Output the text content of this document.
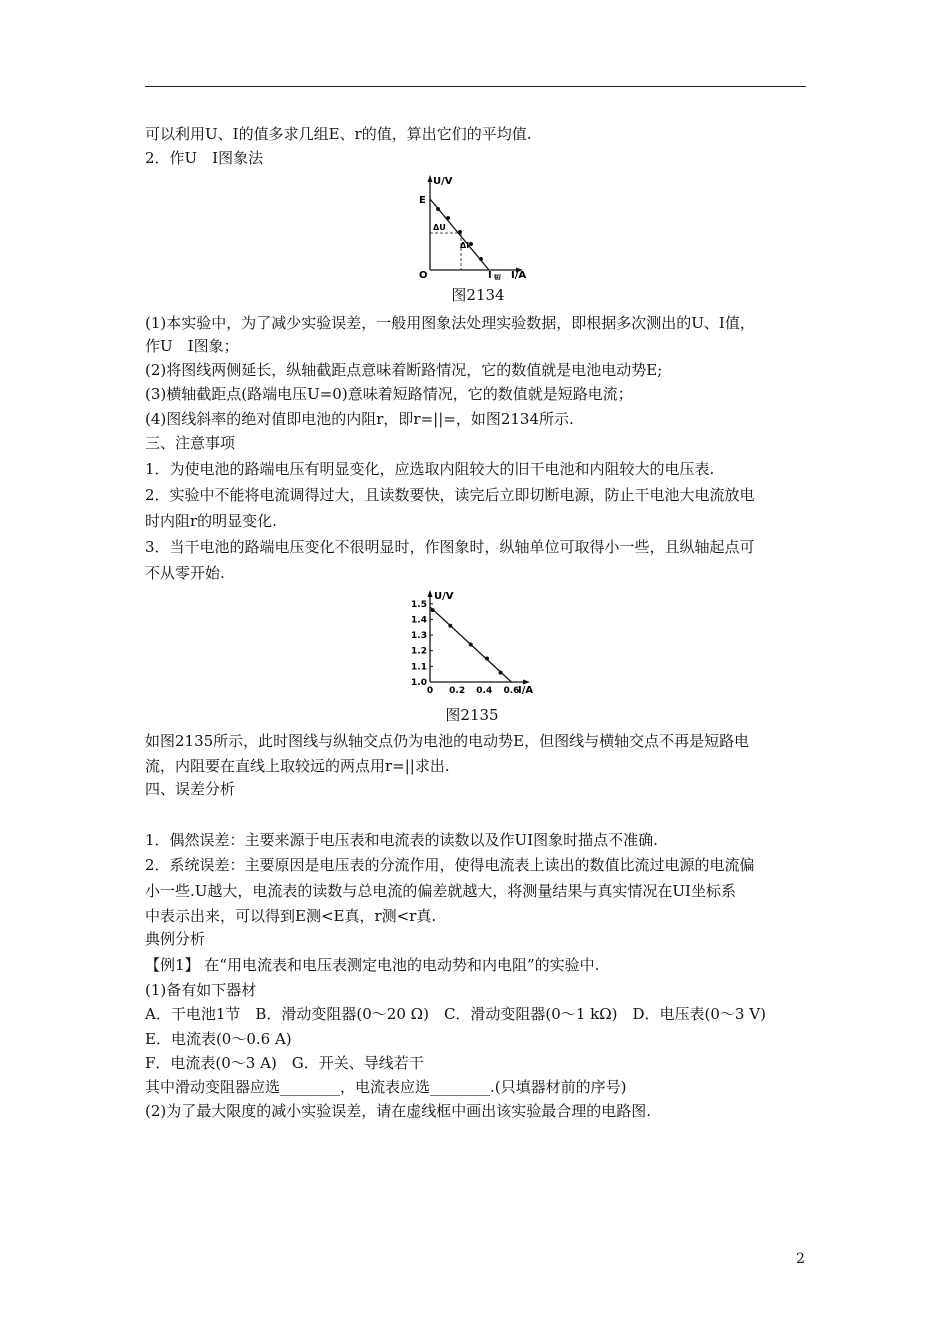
可以利用U、I的值多求几组E、r的值，算出它们的平均值.
2．作U　I图象法
U/V
E
ΔU
ΔI
O	I 短 I/A
图2134
(1)本实验中，为了减少实验误差，一般用图象法处理实验数据，即根据多次测出的U、I值，
作U　I图象；
(2)将图线两侧延长，纵轴截距点意味着断路情况，它的数值就是电池电动势E;
(3)横轴截距点(路端电压U=0)意味着短路情况，它的数值就是短路电流；
(4)图线斜率的绝对值即电池的内阻r，即r=||=，如图2134所示.
三、注意事项
1．为使电池的路端电压有明显变化，应选取内阻较大的旧干电池和内阻较大的电压表.
2．实验中不能将电流调得过大，且读数要快，读完后立即切断电源，防止干电池大电流放电
时内阻r的明显变化.
3．当干电池的路端电压变化不很明显时，作图象时，纵轴单位可取得小一些，且纵轴起点可
不从零开始.
U/V
I/A
1.0
1.1
1.2
1.3
1.4
1.5
0 0.2 0.4 0.6
图2135
如图2135所示，此时图线与纵轴交点仍为电池的电动势E，但图线与横轴交点不再是短路电
流，内阻要在直线上取较远的两点用r=||求出.
四、误差分析
1．偶然误差：主要来源于电压表和电流表的读数以及作UI图象时描点不准确.
2．系统误差：主要原因是电压表的分流作用，使得电流表上读出的数值比流过电源的电流偏
小一些.U越大，电流表的读数与总电流的偏差就越大，将测量结果与真实情况在UI坐标系
中表示出来，可以得到E测<E真，r测<r真.
典例分析
【例1】 在“用电流表和电压表测定电池的电动势和内电阻”的实验中.
(1)备有如下器材
A．干电池1节　B．滑动变阻器(0～20 Ω)　C．滑动变阻器(0～1 kΩ)　D．电压表(0～3 V)
E．电流表(0～0.6 A)
F．电流表(0～3 A)　G．开关、导线若干
其中滑动变阻器应选________，电流表应选________.(只填器材前的序号)
(2)为了最大限度的减小实验误差，请在虚线框中画出该实验最合理的电路图.
2
